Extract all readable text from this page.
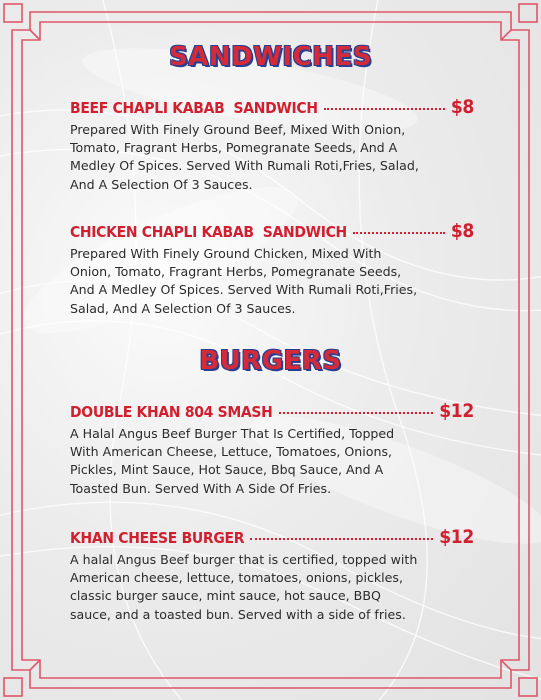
SANDWICHES
BEEF CHAPLI KABAB  SANDWICH	$8
Prepared With Finely Ground Beef, Mixed With Onion, Tomato, Fragrant Herbs, Pomegranate Seeds, And A Medley Of Spices. Served With Rumali Roti,Fries, Salad, And A Selection Of 3 Sauces.
CHICKEN CHAPLI KABAB  SANDWICH	$8
Prepared With Finely Ground Chicken, Mixed With Onion, Tomato, Fragrant Herbs, Pomegranate Seeds, And A Medley Of Spices. Served With Rumali Roti,Fries, Salad, And A Selection Of 3 Sauces.
BURGERS
DOUBLE KHAN 804 SMASH	$12
A Halal Angus Beef Burger That Is Certified, Topped With American Cheese, Lettuce, Tomatoes, Onions, Pickles, Mint Sauce, Hot Sauce, Bbq Sauce, And A Toasted Bun. Served With A Side Of Fries.
KHAN CHEESE BURGER	$12
A halal Angus Beef burger that is certified, topped with American cheese, lettuce, tomatoes, onions, pickles, classic burger sauce, mint sauce, hot sauce, BBQ sauce, and a toasted bun. Served with a side of fries.
